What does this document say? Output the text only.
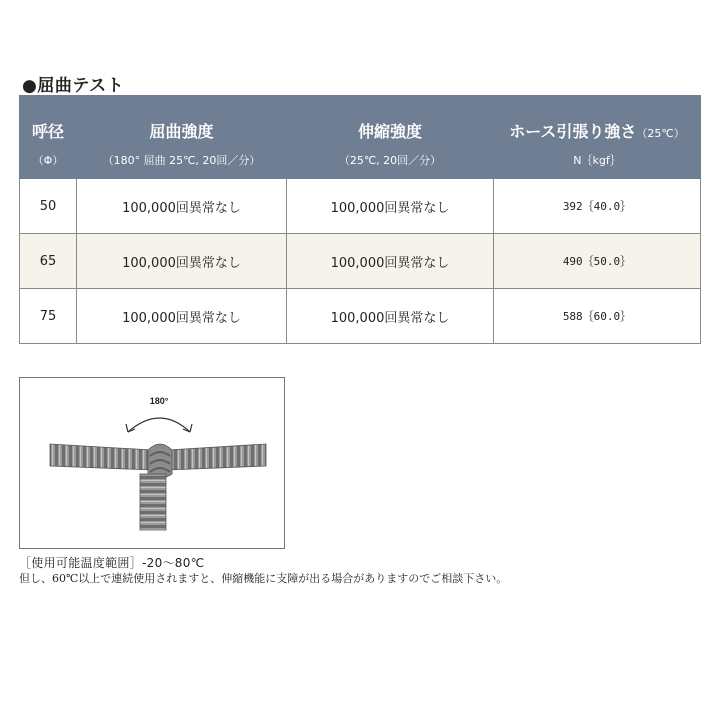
●屈曲テスト
呼径	屈曲強度	伸縮強度	ホース引張り強さ（25℃）
（Φ）	（180° 屈曲 25℃, 20回／分）	（25℃, 20回／分）	N｛kgf｝
50	100,000回異常なし	100,000回異常なし	392｛40.0｝
65	100,000回異常なし	100,000回異常なし	490｛50.0｝
75	100,000回異常なし	100,000回異常なし	588｛60.0｝
180°
［使用可能温度範囲］-20～80℃
但し、60℃以上で連続使用されますと、伸縮機能に支障が出る場合がありますのでご相談下さい。
